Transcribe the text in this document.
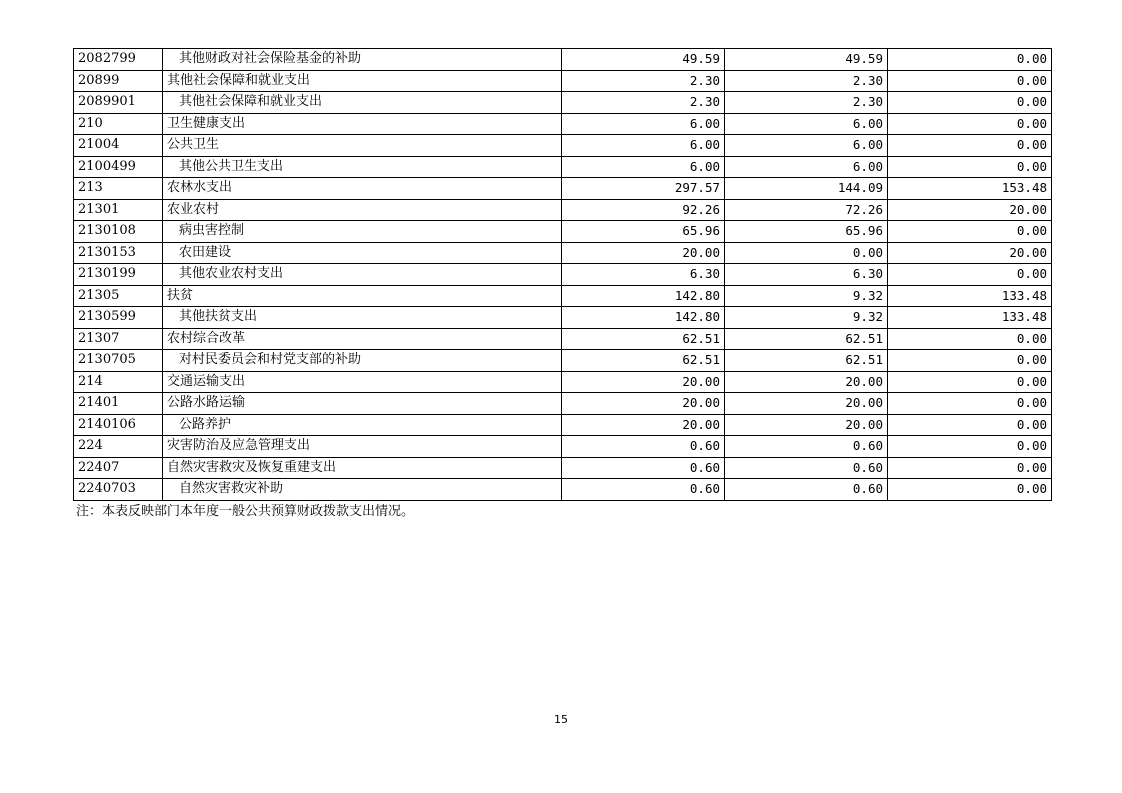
2082799	其他财政对社会保险基金的补助	49.59	49.59	0.00
20899	其他社会保障和就业支出	2.30	2.30	0.00
2089901	其他社会保障和就业支出	2.30	2.30	0.00
210	卫生健康支出	6.00	6.00	0.00
21004	公共卫生	6.00	6.00	0.00
2100499	其他公共卫生支出	6.00	6.00	0.00
213	农林水支出	297.57	144.09	153.48
21301	农业农村	92.26	72.26	20.00
2130108	病虫害控制	65.96	65.96	0.00
2130153	农田建设	20.00	0.00	20.00
2130199	其他农业农村支出	6.30	6.30	0.00
21305	扶贫	142.80	9.32	133.48
2130599	其他扶贫支出	142.80	9.32	133.48
21307	农村综合改革	62.51	62.51	0.00
2130705	对村民委员会和村党支部的补助	62.51	62.51	0.00
214	交通运输支出	20.00	20.00	0.00
21401	公路水路运输	20.00	20.00	0.00
2140106	公路养护	20.00	20.00	0.00
224	灾害防治及应急管理支出	0.60	0.60	0.00
22407	自然灾害救灾及恢复重建支出	0.60	0.60	0.00
2240703	自然灾害救灾补助	0.60	0.60	0.00
注：本表反映部门本年度一般公共预算财政拨款支出情况。
15
